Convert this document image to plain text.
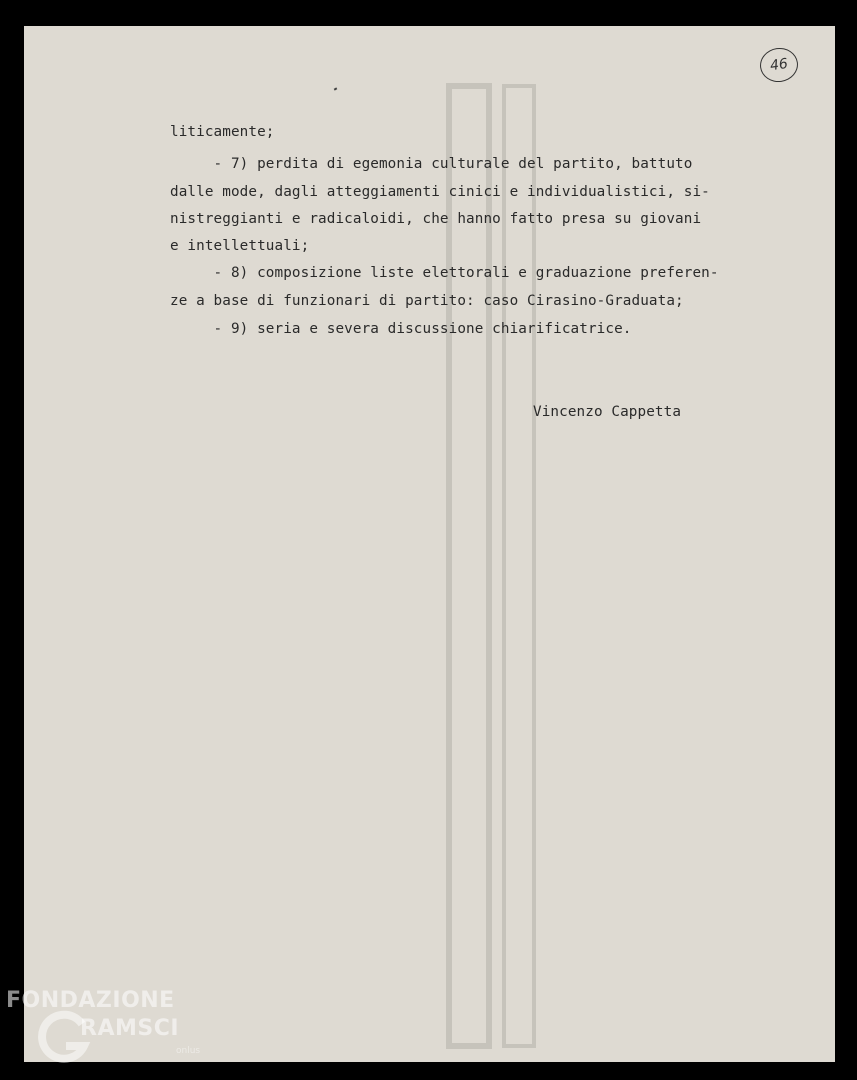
46
liticamente;
- 7) perdita di egemonia culturale del partito, battuto
dalle mode, dagli atteggiamenti cinici e individualistici, si-
nistreggianti e radicaloidi, che hanno fatto presa su giovani
e intellettuali;
- 8) composizione liste elettorali e graduazione preferen-
ze a base di funzionari di partito: caso Cirasino-Graduata;
- 9) seria e severa discussione chiarificatrice.
Vincenzo Cappetta
FONDAZIONE
RAMSCI
onlus
